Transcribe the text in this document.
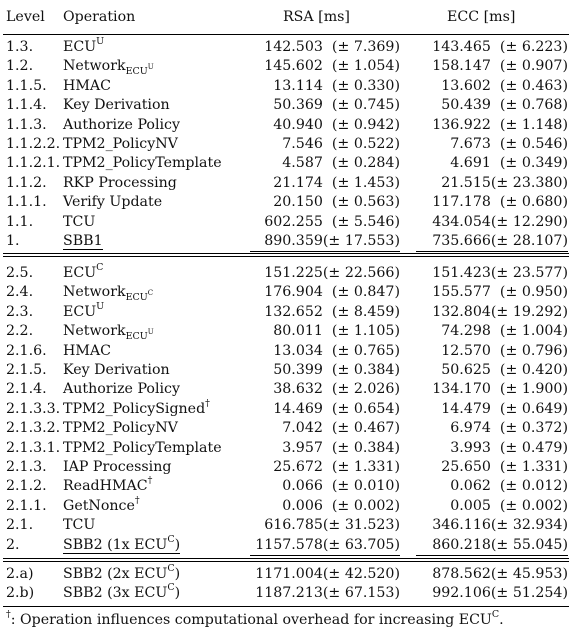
Level Operation	RSA [ms]	ECC [ms]
1.3. $ECU^U$	142.503  (± 7.369)	143.465  (± 6.223)
1.2. Network$_{ECU^U}$	145.602  (± 1.054)	158.147  (± 0.907)
1.1.5. HMAC	13.114  (± 0.330)	13.602  (± 0.463)
1.1.4. Key Derivation	50.369  (± 0.745)	50.439  (± 0.768)
1.1.3. Authorize Policy	40.940  (± 0.942)	136.922  (± 1.148)
1.1.2.2. TPM2_PolicyNV	7.546  (± 0.522)	7.673  (± 0.546)
1.1.2.1. TPM2_PolicyTemplate	4.587  (± 0.284)	4.691  (± 0.349)
1.1.2. RKP Processing	21.174  (± 1.453)	21.515(± 23.380)
1.1.1. Verify Update	20.150  (± 0.563)	117.178  (± 0.680)
1.1. TCU	602.255  (± 5.546)	434.054(± 12.290)
1.	SBB1	890.359(± 17.553)	735.666(± 28.107)
2.5. $ECU^C$	151.225(± 22.566)	151.423(± 23.577)
2.4. Network$_{ECU^C}$	176.904  (± 0.847)	155.577  (± 0.950)
2.3. $ECU^U$	132.652  (± 8.459)	132.804(± 19.292)
2.2. Network$_{ECU^U}$	80.011  (± 1.105)	74.298  (± 1.004)
2.1.6. HMAC	13.034  (± 0.765)	12.570  (± 0.796)
2.1.5. Key Derivation	50.399  (± 0.384)	50.625  (± 0.420)
2.1.4. Authorize Policy	38.632  (± 2.026)	134.170  (± 1.900)
2.1.3.3. TPM2_PolicySigned†	14.469  (± 0.654)	14.479  (± 0.649)
2.1.3.2. TPM2_PolicyNV	7.042  (± 0.467)	6.974  (± 0.372)
2.1.3.1. TPM2_PolicyTemplate	3.957  (± 0.384)	3.993  (± 0.479)
2.1.3. IAP Processing	25.672  (± 1.331)	25.650  (± 1.331)
2.1.2. ReadHMAC†	0.066  (± 0.010)	0.062  (± 0.012)
2.1.1. GetNonce†	0.006  (± 0.002)	0.005  (± 0.002)
2.1. TCU	616.785(± 31.523)	346.116(± 32.934)
2.	SBB2 (1x $ECU^C$)	1157.578(± 63.705)	860.218(± 55.045)
2.a) SBB2 (2x $ECU^C$)	1171.004(± 42.520)	878.562(± 45.953)
2.b) SBB2 (3x $ECU^C$)	1187.213(± 67.153)	992.106(± 51.254)
†: Operation influences computational overhead for increasing $ECU^C$.
